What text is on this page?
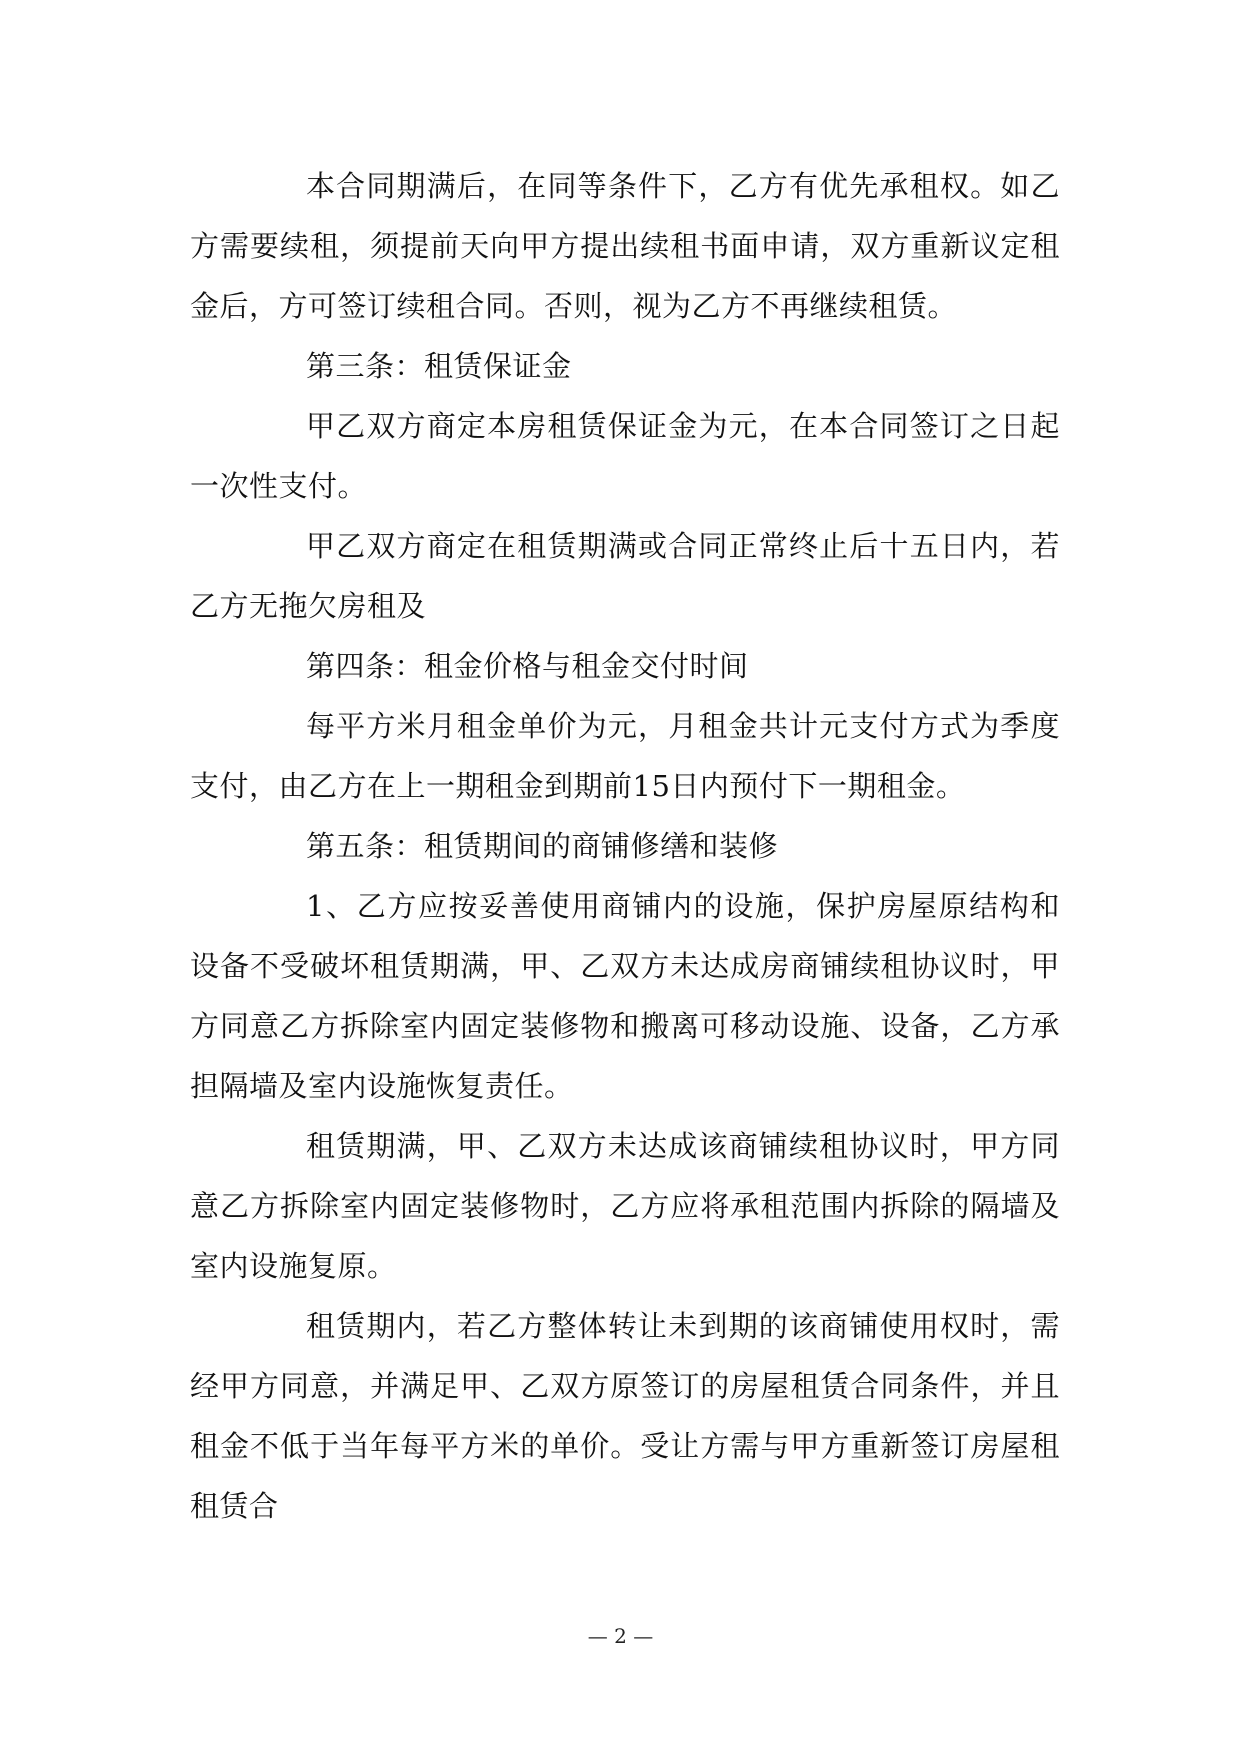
本合同期满后，在同等条件下，乙方有优先承租权。如乙方需要续租，须提前天向甲方提出续租书面申请，双方重新议定租金后，方可签订续租合同。否则，视为乙方不再继续租赁。

第三条：租赁保证金

甲乙双方商定本房租赁保证金为元，在本合同签订之日起一次性支付。

甲乙双方商定在租赁期满或合同正常终止后十五日内，若乙方无拖欠房租及

第四条：租金价格与租金交付时间

每平方米月租金单价为元，月租金共计元支付方式为季度支付，由乙方在上一期租金到期前15日内预付下一期租金。

第五条：租赁期间的商铺修缮和装修

1、乙方应按妥善使用商铺内的设施，保护房屋原结构和设备不受破坏租赁期满，甲、乙双方未达成房商铺续租协议时，甲方同意乙方拆除室内固定装修物和搬离可移动设施、设备，乙方承担隔墙及室内设施恢复责任。

租赁期满，甲、乙双方未达成该商铺续租协议时，甲方同意乙方拆除室内固定装修物时，乙方应将承租范围内拆除的隔墙及室内设施复原。

租赁期内，若乙方整体转让未到期的该商铺使用权时，需经甲方同意，并满足甲、乙双方原签订的房屋租赁合同条件，并且租金不低于当年每平方米的单价。受让方需与甲方重新签订房屋租租赁合

— 2 —
